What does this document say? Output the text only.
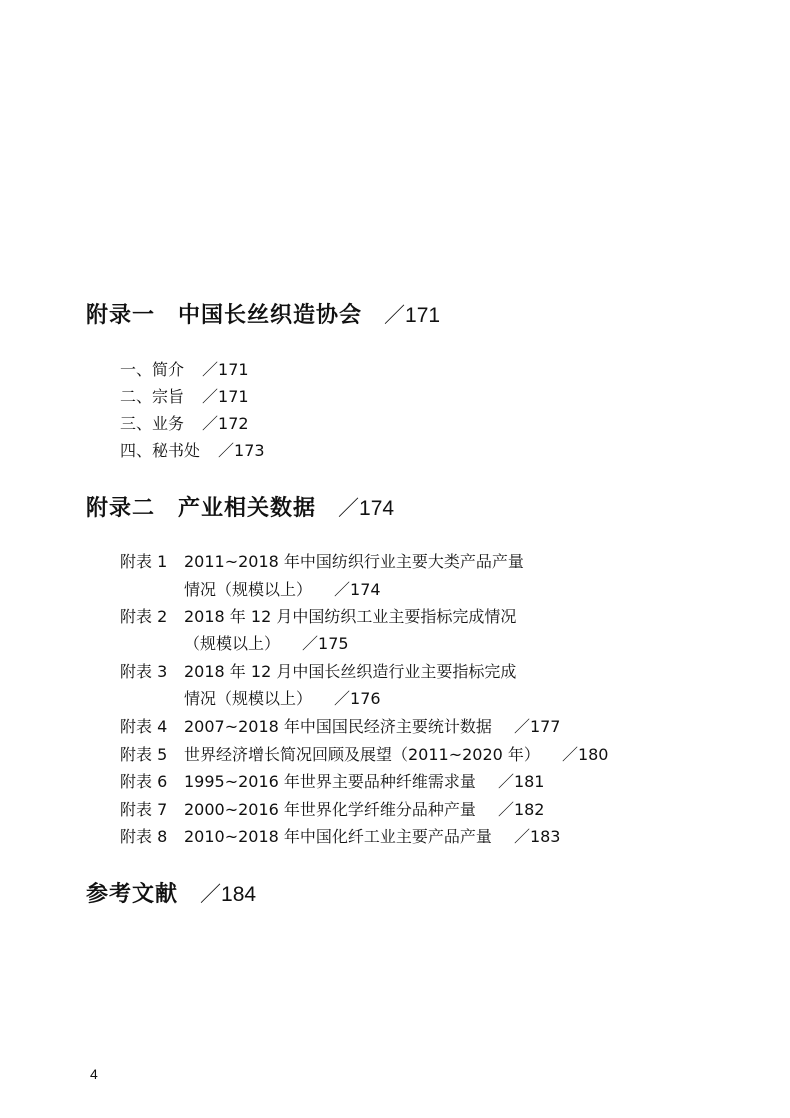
附录一　中国长丝织造协会 ／171
一、简介 ／171
二、宗旨 ／171
三、业务 ／172
四、秘书处 ／173
附录二　产业相关数据 ／174
附表 1 2011~2018 年中国纺织行业主要大类产品产量
情况（规模以上） ／174
附表 2 2018 年 12 月中国纺织工业主要指标完成情况
（规模以上） ／175
附表 3 2018 年 12 月中国长丝织造行业主要指标完成
情况（规模以上） ／176
附表 4 2007~2018 年中国国民经济主要统计数据 ／177
附表 5 世界经济增长简况回顾及展望（2011~2020 年） ／180
附表 6 1995~2016 年世界主要品种纤维需求量 ／181
附表 7 2000~2016 年世界化学纤维分品种产量 ／182
附表 8 2010~2018 年中国化纤工业主要产品产量 ／183
参考文献 ／184
4
